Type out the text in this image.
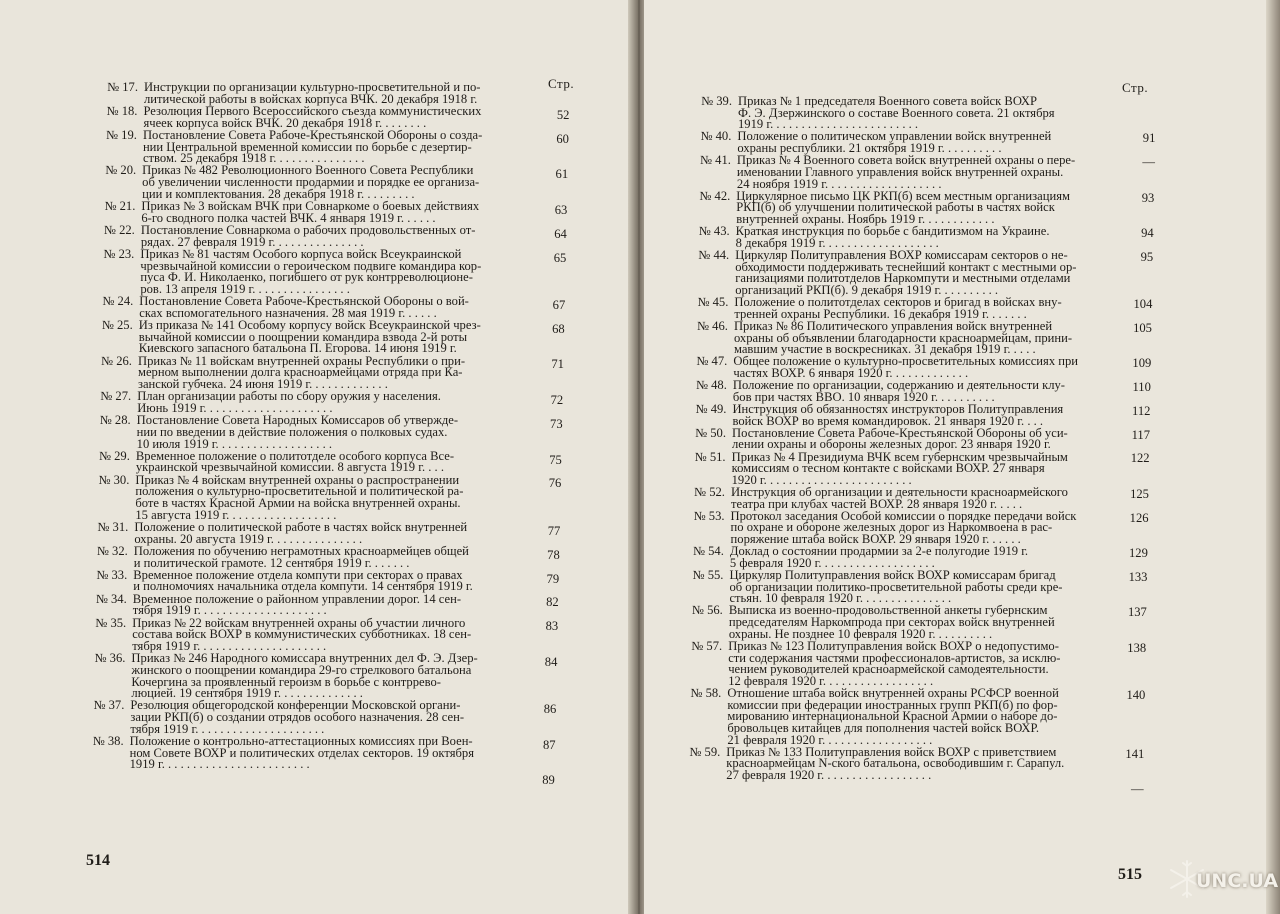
Стр.
№ 17. Инструкции по организации культурно-просветительной и по-
литической работы в войсках корпуса ВЧК. 20 декабря 1918 г.
52
№ 18. Резолюция Первого Всероссийского съезда коммунистических
ячеек корпуса войск ВЧК. 20 декабря 1918 г. . . . . . . .
60
№ 19. Постановление Совета Рабоче-Крестьянской Обороны о созда-
нии Центральной временной комиссии по борьбе с дезертир-
ством. 25 декабря 1918 г. . . . . . . . . . . . . . .
61
№ 20. Приказ № 482 Революционного Военного Совета Республики
об увеличении численности продармии и порядке ее организа-
ции и комплектования. 28 декабря 1918 г. . . . . . . . .
63
№ 21. Приказ № 3 войскам ВЧК при Совнаркоме о боевых действиях
6-го сводного полка частей ВЧК. 4 января 1919 г. . . . . .
64
№ 22. Постановление Совнаркома о рабочих продовольственных от-
рядах. 27 февраля 1919 г. . . . . . . . . . . . . . .
65
№ 23. Приказ № 81 частям Особого корпуса войск Всеукраинской
чрезвычайной комиссии о героическом подвиге командира кор-
пуса Ф. И. Николаенко, погибшего от рук контрреволюционе-
ров. 13 апреля 1919 г. . . . . . . . . . . . . . . .
67
№ 24. Постановление Совета Рабоче-Крестьянской Обороны о вой-
сках вспомогательного назначения. 28 мая 1919 г. . . . . .
68
№ 25. Из приказа № 141 Особому корпусу войск Всеукраинской чрез-
вычайной комиссии о поощрении командира взвода 2-й роты
Киевского запасного батальона П. Егорова. 14 июня 1919 г.
71
№ 26. Приказ № 11 войскам внутренней охраны Республики о при-
мерном выполнении долга красноармейцами отряда при Ка-
занской губчека. 24 июня 1919 г. . . . . . . . . . . . .
72
№ 27. План организации работы по сбору оружия у населения.
Июнь 1919 г. . . . . . . . . . . . . . . . . . . . .
73
№ 28. Постановление Совета Народных Комиссаров об утвержде-
нии по введении в действие положения о полковых судах.
10 июля 1919 г. . . . . . . . . . . . . . . . . . .
75
№ 29. Временное положение о политотделе особого корпуса Все-
украинской чрезвычайной комиссии. 8 августа 1919 г. . . .
76
№ 30. Приказ № 4 войскам внутренней охраны о распространении
положения о культурно-просветительной и политической ра-
боте в частях Красной Армии на войска внутренней охраны.
15 августа 1919 г. . . . . . . . . . . . . . . . . .
77
№ 31. Положение о политической работе в частях войск внутренней
охраны. 20 августа 1919 г. . . . . . . . . . . . . . .
78
№ 32. Положения по обучению неграмотных красноармейцев общей
и политической грамоте. 12 сентября 1919 г. . . . . . .
79
№ 33. Временное положение отдела компути при секторах о правах
и полномочиях начальника отдела компути. 14 сентября 1919 г.
82
№ 34. Временное положение о районном управлении дорог. 14 сен-
тября 1919 г. . . . . . . . . . . . . . . . . . . . .
83
№ 35. Приказ № 22 войскам внутренней охраны об участии личного
состава войск ВОХР в коммунистических субботниках. 18 сен-
тября 1919 г. . . . . . . . . . . . . . . . . . . . .
84
№ 36. Приказ № 246 Народного комиссара внутренних дел Ф. Э. Дзер-
жинского о поощрении командира 29-го стрелкового батальона
Кочергина за проявленный героизм в борьбе с контррево-
люцией. 19 сентября 1919 г. . . . . . . . . . . . . .
86
№ 37. Резолюция общегородской конференции Московской органи-
зации РКП(б) о создании отрядов особого назначения. 28 сен-
тября 1919 г. . . . . . . . . . . . . . . . . . . . .
87
№ 38. Положение о контрольно-аттестационных комиссиях при Воен-
ном Совете ВОХР и политических отделах секторов. 19 октября
1919 г. . . . . . . . . . . . . . . . . . . . . . . .
89
514
Стр.
№ 39. Приказ № 1 председателя Военного совета войск ВОХР
Ф. Э. Дзержинского о составе Военного совета. 21 октября
1919 г. . . . . . . . . . . . . . . . . . . . . . . .
91
№ 40. Положение о политическом управлении войск внутренней
охраны республики. 21 октября 1919 г. . . . . . . . . .
—
№ 41. Приказ № 4 Военного совета войск внутренней охраны о пере-
именовании Главного управления войск внутренней охраны.
24 ноября 1919 г. . . . . . . . . . . . . . . . . . .
93
№ 42. Циркулярное письмо ЦК РКП(б) всем местным организациям
РКП(б) об улучшении политической работы в частях войск
внутренней охраны. Ноябрь 1919 г. . . . . . . . . . . .
94
№ 43. Краткая инструкция по борьбе с бандитизмом на Украине.
8 декабря 1919 г. . . . . . . . . . . . . . . . . . .
95
№ 44. Циркуляр Политуправления ВОХР комиссарам секторов о не-
обходимости поддерживать теснейший контакт с местными ор-
ганизациями политотделов Наркомпути и местными отделами
организаций РКП(б). 9 декабря 1919 г. . . . . . . . . .
104
№ 45. Положение о политотделах секторов и бригад в войсках вну-
тренней охраны Республики. 16 декабря 1919 г. . . . . . .
105
№ 46. Приказ № 86 Политического управления войск внутренней
охраны об объявлении благодарности красноармейцам, прини-
мавшим участие в воскресниках. 31 декабря 1919 г. . . . .
109
№ 47. Общее положение о культурно-просветительных комиссиях при
частях ВОХР. 6 января 1920 г. . . . . . . . . . . . .
110
№ 48. Положение по организации, содержанию и деятельности клу-
бов при частях ВВО. 10 января 1920 г. . . . . . . . . .
112
№ 49. Инструкция об обязанностях инструкторов Политуправления
войск ВОХР во время командировок. 21 января 1920 г. . . .
117
№ 50. Постановление Совета Рабоче-Крестьянской Обороны об уси-
лении охраны и обороны железных дорог. 23 января 1920 г.
122
№ 51. Приказ № 4 Президиума ВЧК всем губернским чрезвычайным
комиссиям о тесном контакте с войсками ВОХР. 27 января
1920 г. . . . . . . . . . . . . . . . . . . . . . . .
125
№ 52. Инструкция об организации и деятельности красноармейского
театра при клубах частей ВОХР. 28 января 1920 г. . . . .
126
№ 53. Протокол заседания Особой комиссии о порядке передачи войск
по охране и обороне железных дорог из Наркомвоена в рас-
поряжение штаба войск ВОХР. 29 января 1920 г. . . . . .
129
№ 54. Доклад о состоянии продармии за 2-е полугодие 1919 г.
5 февраля 1920 г. . . . . . . . . . . . . . . . . . .
133
№ 55. Циркуляр Политуправления войск ВОХР комиссарам бригад
об организации политико-просветительной работы среди кре-
стьян. 10 февраля 1920 г. . . . . . . . . . . . . . .
137
№ 56. Выписка из военно-продовольственной анкеты губернским
председателям Наркомпрода при секторах войск внутренней
охраны. Не позднее 10 февраля 1920 г. . . . . . . . . .
138
№ 57. Приказ № 123 Политуправления войск ВОХР о недопустимо-
сти содержания частями профессионалов-артистов, за исклю-
чением руководителей красноармейской самодеятельности.
12 февраля 1920 г. . . . . . . . . . . . . . . . . .
140
№ 58. Отношение штаба войск внутренней охраны РСФСР военной
комиссии при федерации иностранных групп РКП(б) по фор-
мированию интернациональной Красной Армии о наборе до-
бровольцев китайцев для пополнения частей войск ВОХР.
21 февраля 1920 г. . . . . . . . . . . . . . . . . .
141
№ 59. Приказ № 133 Политуправления войск ВОХР с приветствием
красноармейцам N-ского батальона, освободившим г. Сарапул.
27 февраля 1920 г. . . . . . . . . . . . . . . . . .
—
515	UNC.UA
